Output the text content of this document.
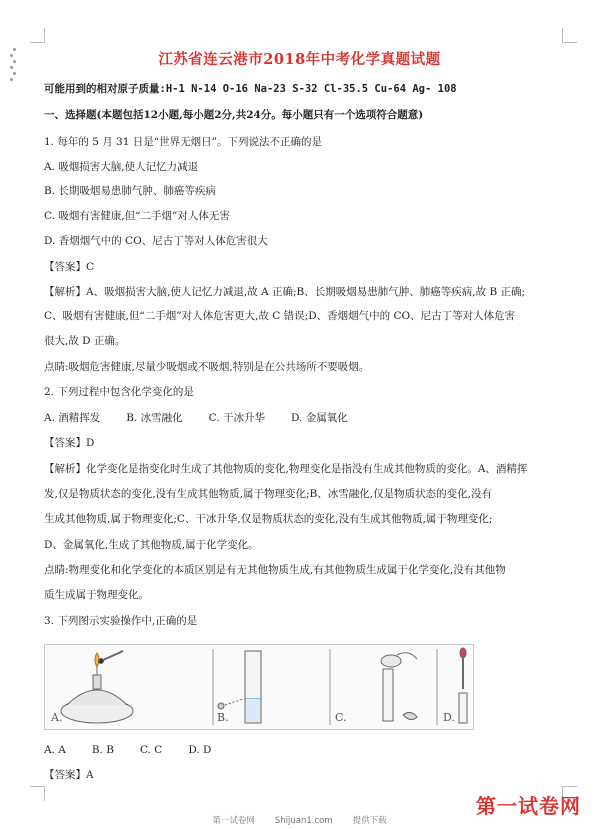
江苏省连云港市2018年中考化学真题试题
可能用到的相对原子质量:H-1 N-14 O-16 Na-23 S-32 Cl-35.5 Cu-64 Ag- 108
一、选择题(本题包括12小题,每小题2分,共24分。每小题只有一个选项符合题意)
1. 每年的 5 月 31 日是“世界无烟日”。下列说法不正确的是
A. 吸烟损害大脑,使人记忆力减退
B. 长期吸烟易患肺气肿、肺癌等疾病
C. 吸烟有害健康,但“二手烟”对人体无害
D. 香烟烟气中的 CO、尼古丁等对人体危害很大
【答案】C
【解析】A、吸烟损害大脑,使人记忆力减退,故 A 正确;B、长期吸烟易患肺气肿、肺癌等疾病,故 B 正确;
C、吸烟有害健康,但“二手烟”对人体危害更大,故 C 错误;D、香烟烟气中的 CO、尼古丁等对人体危害
很大,故 D 正确。
点睛:吸烟危害健康,尽量少吸烟或不吸烟,特别是在公共场所不要吸烟。
2. 下列过程中包含化学变化的是
A. 酒精挥发 B. 冰雪融化 C. 干冰升华 D. 金属氧化
【答案】D
【解析】化学变化是指变化时生成了其他物质的变化,物理变化是指没有生成其他物质的变化。A、酒精挥
发,仅是物质状态的变化,没有生成其他物质,属于物理变化;B、冰雪融化,仅是物质状态的变化,没有
生成其他物质,属于物理变化;C、干冰升华,仅是物质状态的变化,没有生成其他物质,属于物理变化;
D、金属氧化,生成了其他物质,属于化学变化。
点睛:物理变化和化学变化的本质区别是有无其他物质生成,有其他物质生成属于化学变化,没有其他物
质生成属于物理变化。
3. 下列图示实验操作中,正确的是
A.	B.	C.	D.
A. A B. B C. C D. D
【答案】A
第一试卷网
第一试卷网 Shijuan1.com 提供下载
